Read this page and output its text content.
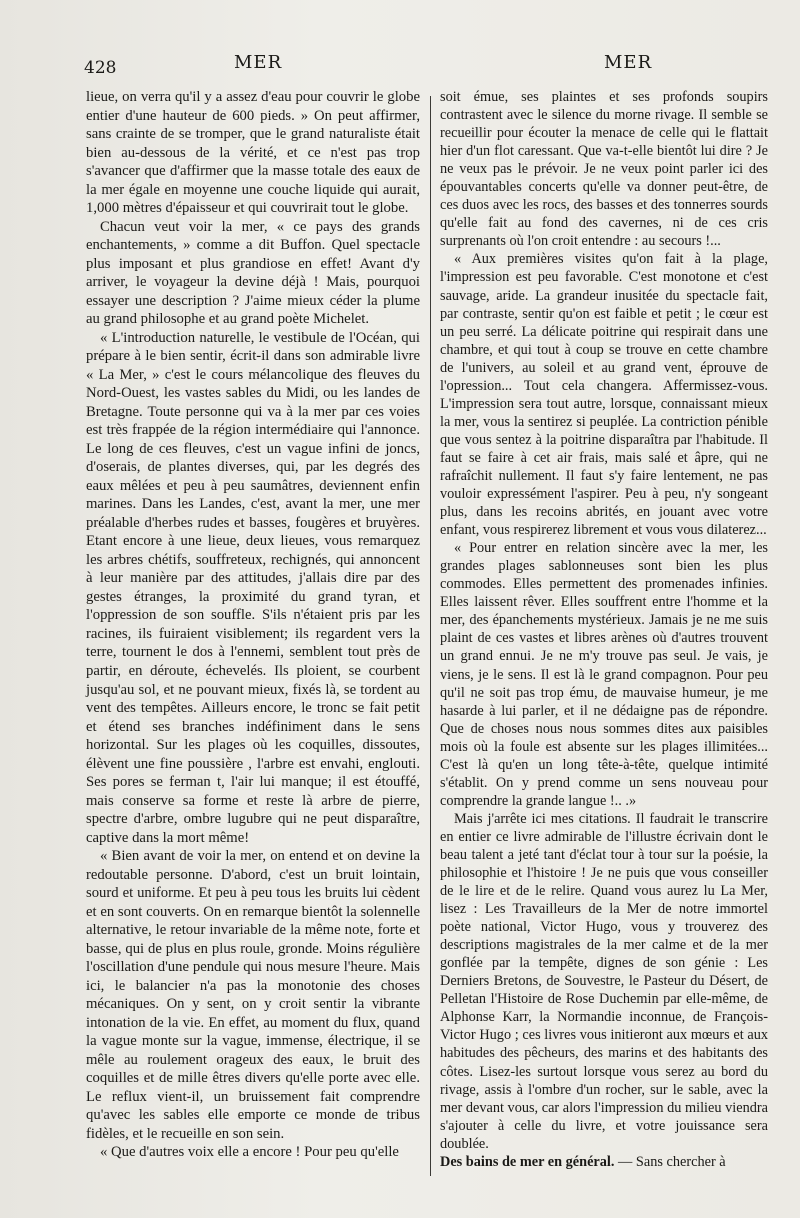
428	MER	MER

lieue, on verra qu'il y a assez d'eau pour couvrir le globe entier d'une hauteur de 600 pieds. » On peut affirmer, sans crainte de se tromper, que le grand naturaliste était bien au-dessous de la vérité, et ce n'est pas trop s'avancer que d'affirmer que la masse totale des eaux de la mer égale en moyenne une couche liquide qui aurait, 1,000 mètres d'épaisseur et qui couvrirait tout le globe.

Chacun veut voir la mer, « ce pays des grands enchantements, » comme a dit Buffon. Quel spectacle plus imposant et plus grandiose en effet! Avant d'y arriver, le voyageur la devine déjà ! Mais, pourquoi essayer une description ? J'aime mieux céder la plume au grand philosophe et au grand poète Michelet.

« L'introduction naturelle, le vestibule de l'Océan, qui prépare à le bien sentir, écrit-il dans son admirable livre « La Mer, » c'est le cours mélancolique des fleuves du Nord-Ouest, les vastes sables du Midi, ou les landes de Bretagne. Toute personne qui va à la mer par ces voies est très frappée de la région intermédiaire qui l'annonce. Le long de ces fleuves, c'est un vague infini de joncs, d'oserais, de plantes diverses, qui, par les degrés des eaux mêlées et peu à peu saumâtres, deviennent enfin marines. Dans les Landes, c'est, avant la mer, une mer préalable d'herbes rudes et basses, fougères et bruyères. Etant encore à une lieue, deux lieues, vous remarquez les arbres chétifs, souffreteux, rechignés, qui annoncent à leur manière par des attitudes, j'allais dire par des gestes étranges, la proximité du grand tyran, et l'oppression de son souffle. S'ils n'étaient pris par les racines, ils fuiraient visiblement; ils regardent vers la terre, tournent le dos à l'ennemi, semblent tout près de partir, en déroute, échevelés. Ils ploient, se courbent jusqu'au sol, et ne pouvant mieux, fixés là, se tordent au vent des tempêtes. Ailleurs encore, le tronc se fait petit et étend ses branches indéfiniment dans le sens horizontal. Sur les plages où les coquilles, dissoutes, élèvent une fine poussière , l'arbre est envahi, englouti. Ses pores se ferman t, l'air lui manque; il est étouffé, mais conserve sa forme et reste là arbre de pierre, spectre d'arbre, ombre lugubre qui ne peut disparaître, captive dans la mort même!

« Bien avant de voir la mer, on entend et on devine la redoutable personne. D'abord, c'est un bruit lointain, sourd et uniforme. Et peu à peu tous les bruits lui cèdent et en sont couverts. On en remarque bientôt la solennelle alternative, le retour invariable de la même note, forte et basse, qui de plus en plus roule, gronde. Moins régulière l'oscillation d'une pendule qui nous mesure l'heure. Mais ici, le balancier n'a pas la monotonie des choses mécaniques. On y sent, on y croit sentir la vibrante intonation de la vie. En effet, au moment du flux, quand la vague monte sur la vague, immense, électrique, il se mêle au roulement orageux des eaux, le bruit des coquilles et de mille êtres divers qu'elle porte avec elle. Le reflux vient-il, un bruissement fait comprendre qu'avec les sables elle emporte ce monde de tribus fidèles, et le recueille en son sein.

« Que d'autres voix elle a encore ! Pour peu qu'elle

soit émue, ses plaintes et ses profonds soupirs contrastent avec le silence du morne rivage. Il semble se recueillir pour écouter la menace de celle qui le flattait hier d'un flot caressant. Que va-t-elle bientôt lui dire ? Je ne veux pas le prévoir. Je ne veux point parler ici des épouvantables concerts qu'elle va donner peut-être, de ces duos avec les rocs, des basses et des tonnerres sourds qu'elle fait au fond des cavernes, ni de ces cris surprenants où l'on croit entendre : au secours !...

« Aux premières visites qu'on fait à la plage, l'impression est peu favorable. C'est monotone et c'est sauvage, aride. La grandeur inusitée du spectacle fait, par contraste, sentir qu'on est faible et petit ; le cœur est un peu serré. La délicate poitrine qui respirait dans une chambre, et qui tout à coup se trouve en cette chambre de l'univers, au soleil et au grand vent, éprouve de l'opression... Tout cela changera. Affermissez-vous. L'impression sera tout autre, lorsque, connaissant mieux la mer, vous la sentirez si peuplée. La contriction pénible que vous sentez à la poitrine disparaîtra par l'habitude. Il faut se faire à cet air frais, mais salé et âpre, qui ne rafraîchit nullement. Il faut s'y faire lentement, ne pas vouloir expressément l'aspirer. Peu à peu, n'y songeant plus, dans les recoins abrités, en jouant avec votre enfant, vous respirerez librement et vous vous dilaterez...

« Pour entrer en relation sincère avec la mer, les grandes plages sablonneuses sont bien les plus commodes. Elles permettent des promenades infinies. Elles laissent rêver. Elles souffrent entre l'homme et la mer, des épanchements mystérieux. Jamais je ne me suis plaint de ces vastes et libres arènes où d'autres trouvent un grand ennui. Je ne m'y trouve pas seul. Je vais, je viens, je le sens. Il est là le grand compagnon. Pour peu qu'il ne soit pas trop ému, de mauvaise humeur, je me hasarde à lui parler, et il ne dédaigne pas de répondre. Que de choses nous nous sommes dites aux paisibles mois où la foule est absente sur les plages illimitées... C'est là qu'en un long tête-à-tête, quelque intimité s'établit. On y prend comme un sens nouveau pour comprendre la grande langue !.. .»

Mais j'arrête ici mes citations. Il faudrait le transcrire en entier ce livre admirable de l'illustre écrivain dont le beau talent a jeté tant d'éclat tour à tour sur la poésie, la philosophie et l'histoire ! Je ne puis que vous conseiller de le lire et de le relire. Quand vous aurez lu La Mer, lisez : Les Travailleurs de la Mer de notre immortel poète national, Victor Hugo, vous y trouverez des descriptions magistrales de la mer calme et de la mer gonflée par la tempête, dignes de son génie : Les Derniers Bretons, de Souvestre, le Pasteur du Désert, de Pelletan l'Histoire de Rose Duchemin par elle-même, de Alphonse Karr, la Normandie inconnue, de François-Victor Hugo ; ces livres vous initieront aux mœurs et aux habitudes des pêcheurs, des marins et des habitants des côtes. Lisez-les surtout lorsque vous serez au bord du rivage, assis à l'ombre d'un rocher, sur le sable, avec la mer devant vous, car alors l'impression du milieu viendra s'ajouter à celle du livre, et votre jouissance sera doublée.

Des bains de mer en général. — Sans chercher à
